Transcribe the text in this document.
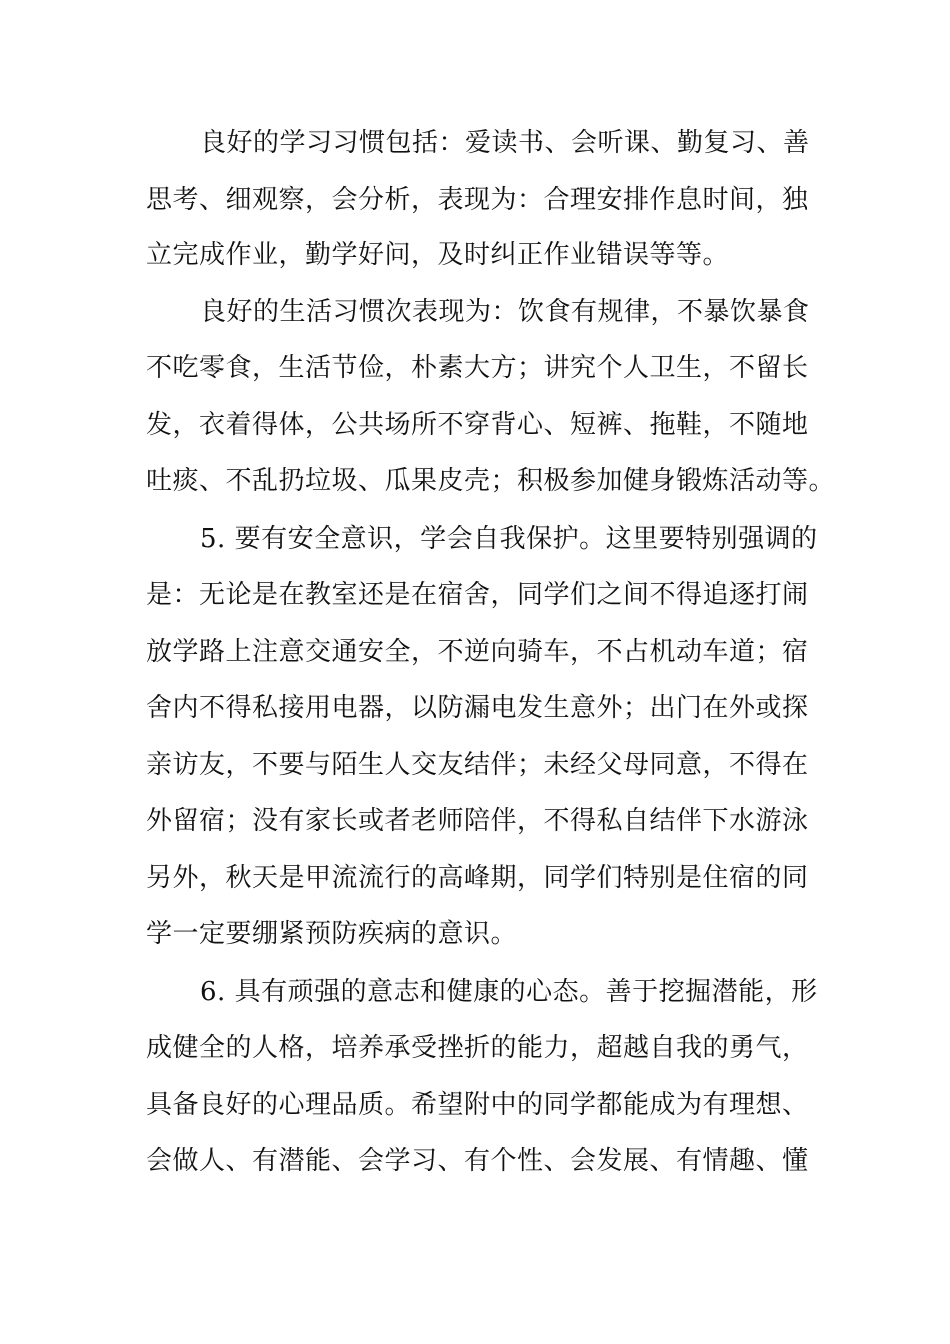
良好的学习习惯包括：爱读书、会听课、勤复习、善
思考、细观察，会分析，表现为：合理安排作息时间，独
立完成作业，勤学好问，及时纠正作业错误等等。
良好的生活习惯次表现为：饮食有规律，不暴饮暴食
不吃零食，生活节俭，朴素大方；讲究个人卫生，不留长
发，衣着得体，公共场所不穿背心、短裤、拖鞋，不随地
吐痰、不乱扔垃圾、瓜果皮壳；积极参加健身锻炼活动等。
5. 要有安全意识，学会自我保护。这里要特别强调的
是：无论是在教室还是在宿舍，同学们之间不得追逐打闹
放学路上注意交通安全，不逆向骑车，不占机动车道；宿
舍内不得私接用电器，以防漏电发生意外；出门在外或探
亲访友，不要与陌生人交友结伴；未经父母同意，不得在
外留宿；没有家长或者老师陪伴，不得私自结伴下水游泳
另外，秋天是甲流流行的高峰期，同学们特别是住宿的同
学一定要绷紧预防疾病的意识。
6. 具有顽强的意志和健康的心态。善于挖掘潜能，形
成健全的人格，培养承受挫折的能力，超越自我的勇气，
具备良好的心理品质。希望附中的同学都能成为有理想、
会做人、有潜能、会学习、有个性、会发展、有情趣、懂
